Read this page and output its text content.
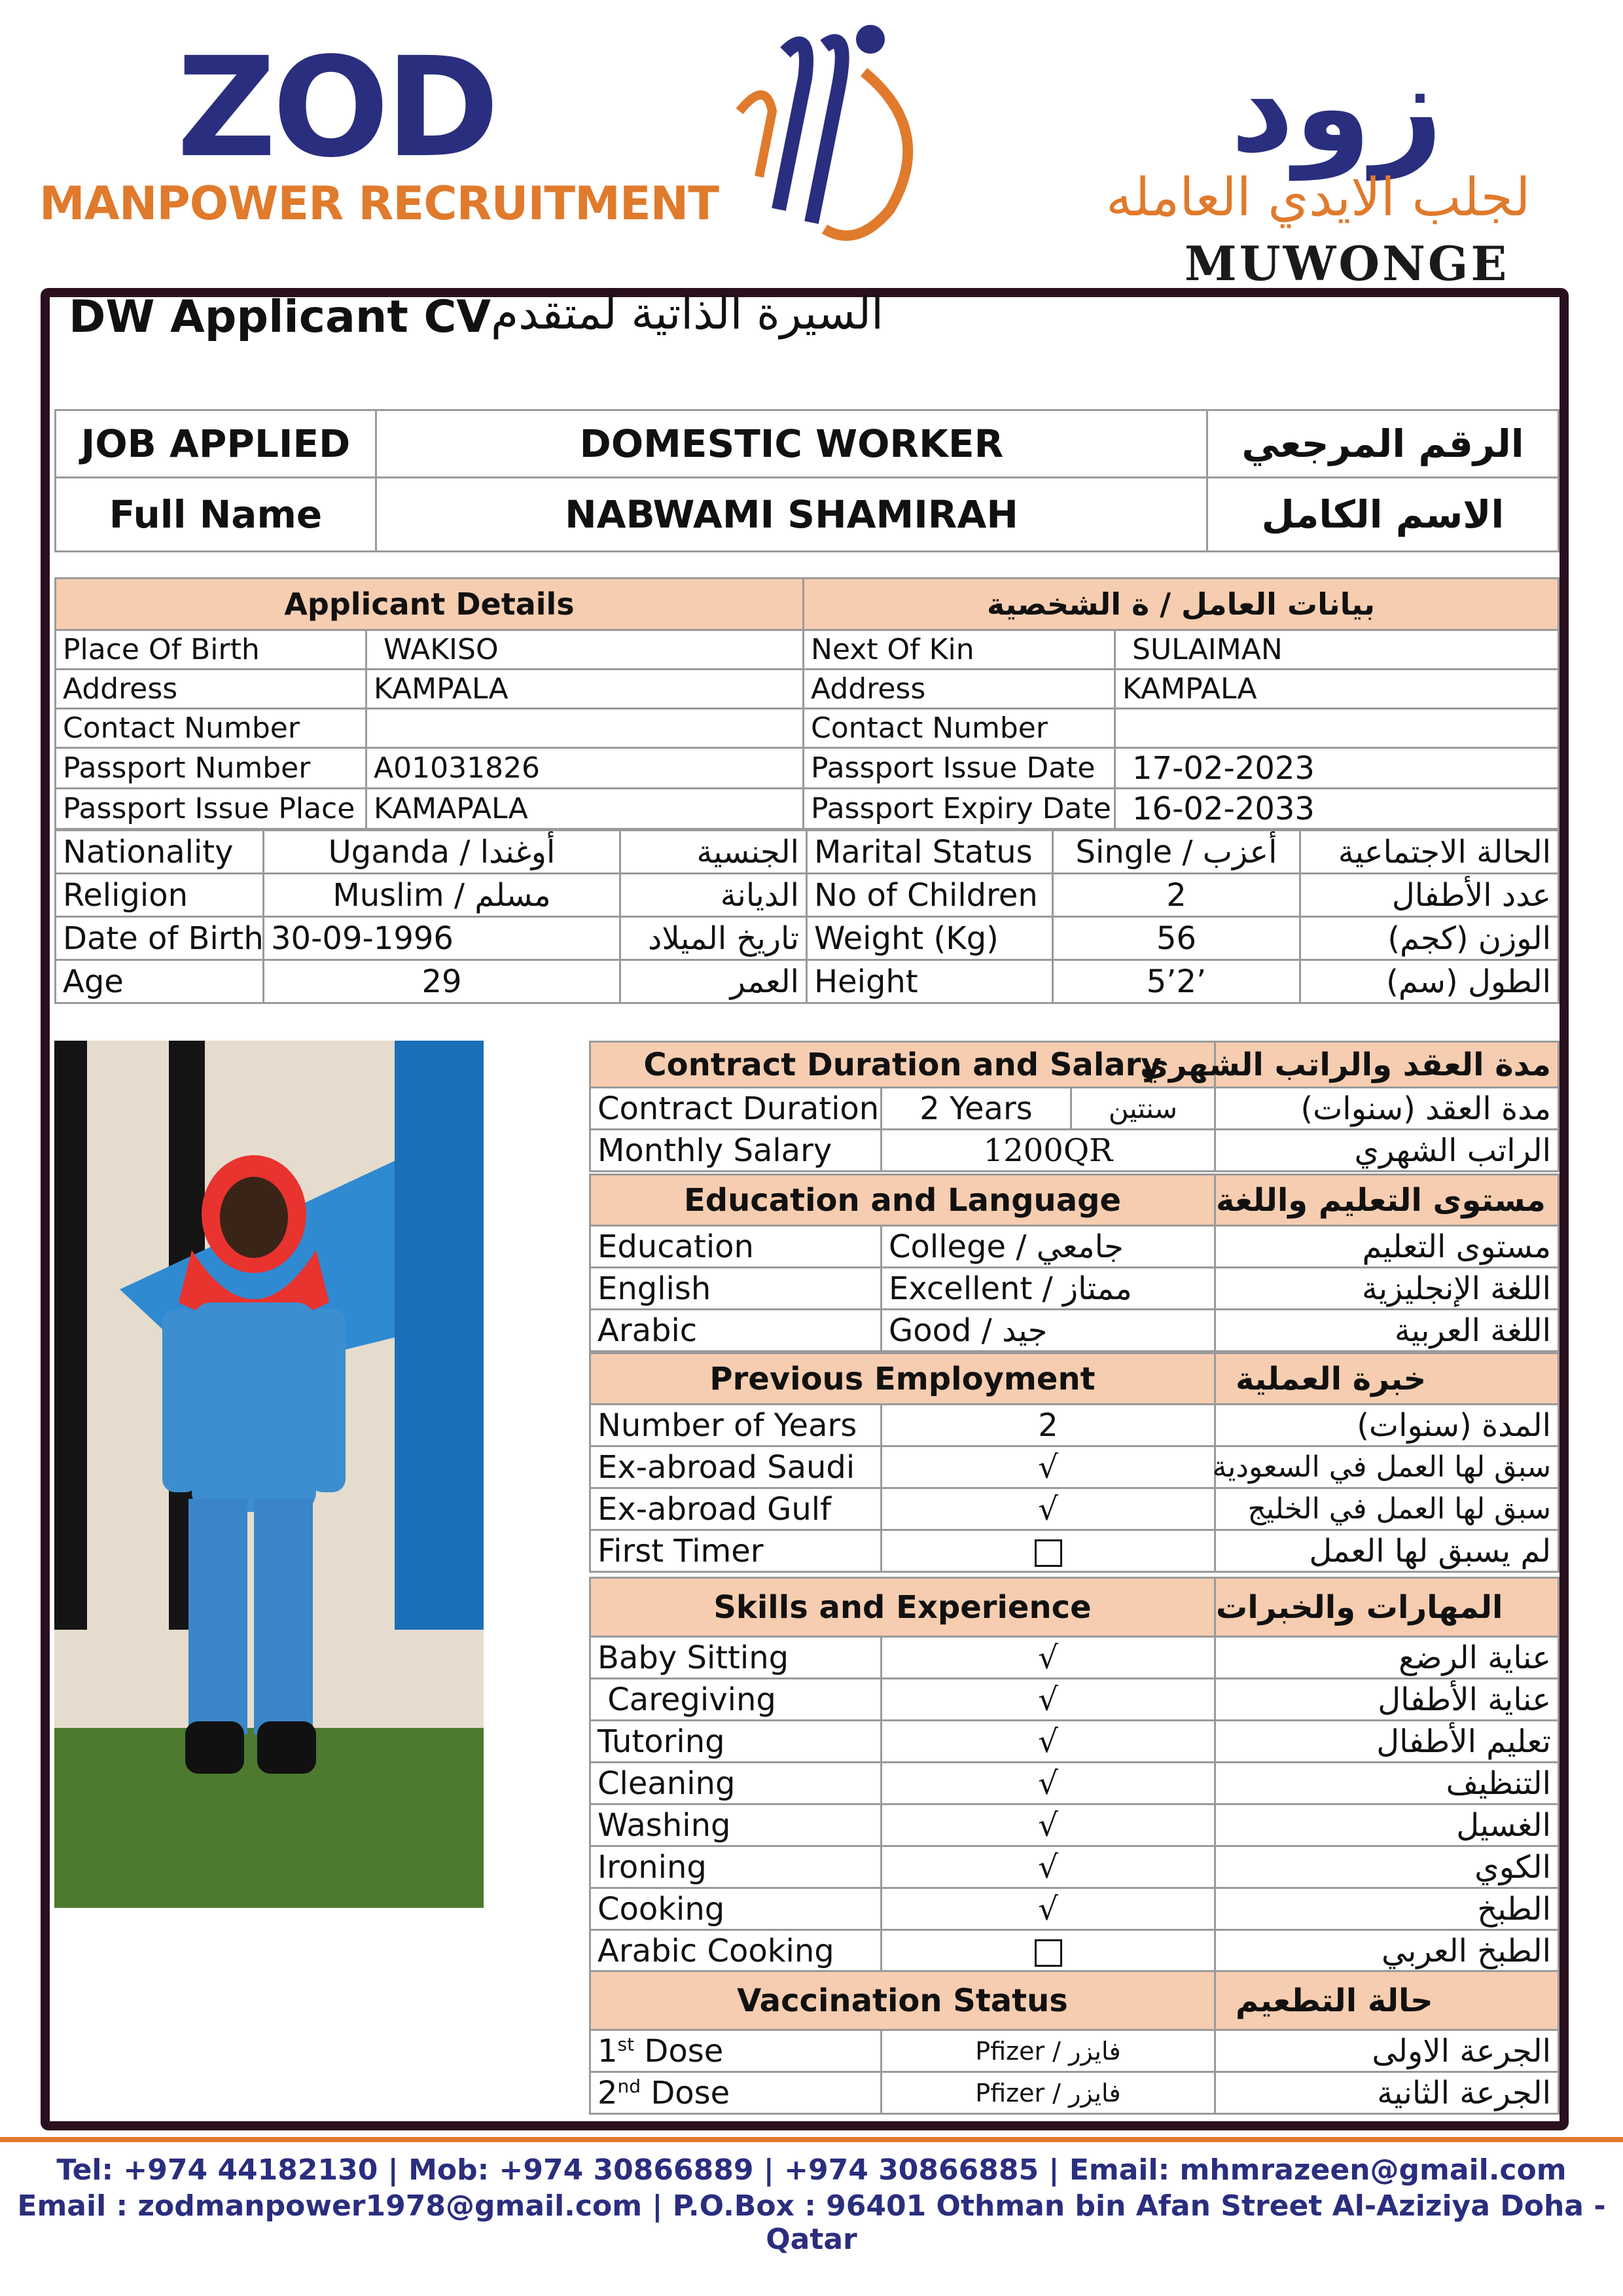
ZOD
MANPOWER RECRUITMENT
زود
لجلب الايدي العامله
MUWONGE
DW Applicant CV السيرة الذاتية لمتقدم
JOB APPLIED	DOMESTIC WORKER	الرقم المرجعي
Full Name	NABWAMI SHAMIRAH	الاسم الكامل
Applicant Details		بيانات العامل / ة الشخصية	
Place Of Birth	WAKISO	Next Of Kin	SULAIMAN
Address	KAMPALA	Address	KAMPALA
Contact Number		Contact Number	
Passport Number	A01031826	Passport Issue Date	17-02-2023
Passport Issue Place	KAMAPALA	Passport Expiry Date	16-02-2033
Nationality	Uganda / أوغندا	الجنسية	Marital Status	Single / أعزب	الحالة الاجتماعية
Religion	Muslim / مسلم	الديانة	No of Children	2	عدد الأطفال
Date of Birth	30-09-1996	تاريخ الميلاد	Weight (Kg)	56	الوزن (كجم)
Age	29	العمر	Height	5’2’	الطول (سم)
Contract Duration and Salary			مدة العقد والراتب الشهري
Contract Duration	2 Years	سنتين	مدة العقد (سنوات)
Monthly Salary	1200QR		الراتب الشهري
Education and Language		مستوى التعليم واللغة
Education	College / جامعي	مستوى التعليم
English	Excellent / ممتاز	اللغة الإنجليزية
Arabic	Good / جيد	اللغة العربية
Previous Employment		خبرة العملية
Number of Years	2	المدة (سنوات)
Ex-abroad Saudi	√	سبق لها العمل في السعودية
Ex-abroad Gulf	√	سبق لها العمل في الخليج
First Timer		لم يسبق لها العمل
Skills and Experience		المهارات والخبرات
Baby Sitting	√	عناية الرضع
Caregiving	√	عناية الأطفال
Tutoring	√	تعليم الأطفال
Cleaning	√	التنظيف
Washing	√	الغسيل
Ironing	√	الكوي
Cooking	√	الطبخ
Arabic Cooking		الطبخ العربي
Vaccination Status		حالة التطعيم
1st Dose	Pfizer / فايزر	الجرعة الاولى
2nd Dose	Pfizer / فايزر	الجرعة الثانية
Tel: +974 44182130 | Mob: +974 30866889 | +974 30866885 | Email: mhmrazeen@gmail.com
Email : zodmanpower1978@gmail.com | P.O.Box : 96401 Othman bin Afan Street Al-Aziziya Doha - Qatar
